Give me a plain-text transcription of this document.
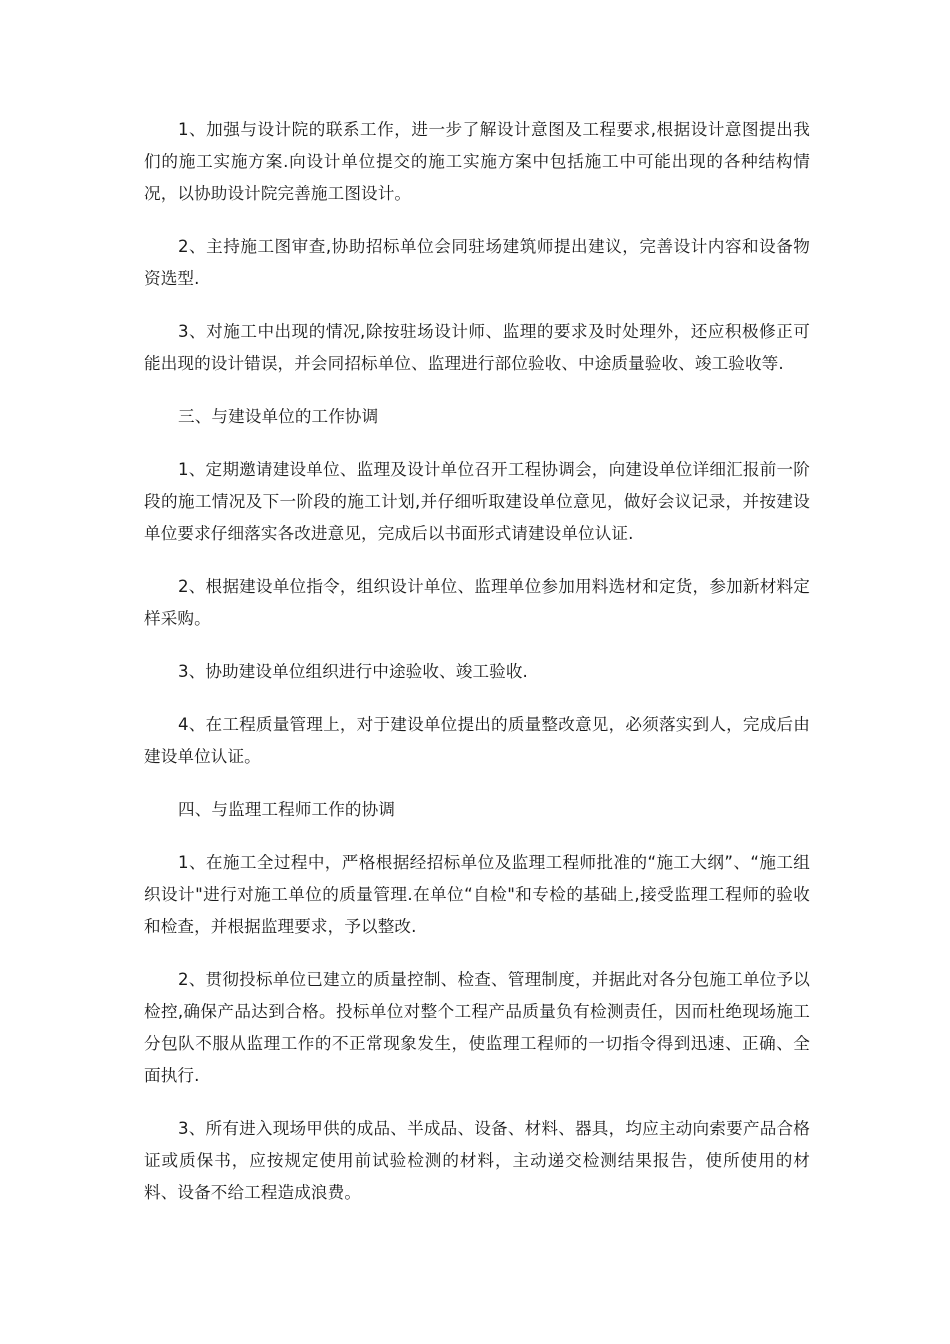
1、加强与设计院的联系工作，进一步了解设计意图及工程要求,根据设计意图提出我们的施工实施方案.向设计单位提交的施工实施方案中包括施工中可能出现的各种结构情况，以协助设计院完善施工图设计。

2、主持施工图审查,协助招标单位会同驻场建筑师提出建议，完善设计内容和设备物资选型.

3、对施工中出现的情况,除按驻场设计师、监理的要求及时处理外，还应积极修正可能出现的设计错误，并会同招标单位、监理进行部位验收、中途质量验收、竣工验收等.

三、与建设单位的工作协调

1、定期邀请建设单位、监理及设计单位召开工程协调会，向建设单位详细汇报前一阶段的施工情况及下一阶段的施工计划,并仔细听取建设单位意见，做好会议记录，并按建设单位要求仔细落实各改进意见，完成后以书面形式请建设单位认证.

2、根据建设单位指令，组织设计单位、监理单位参加用料选材和定货，参加新材料定样采购。

3、协助建设单位组织进行中途验收、竣工验收.

4、在工程质量管理上，对于建设单位提出的质量整改意见，必须落实到人，完成后由建设单位认证。

四、与监理工程师工作的协调

1、在施工全过程中，严格根据经招标单位及监理工程师批准的“施工大纲”、“施工组织设计"进行对施工单位的质量管理.在单位“自检"和专检的基础上,接受监理工程师的验收和检查，并根据监理要求，予以整改.

2、贯彻投标单位已建立的质量控制、检查、管理制度，并据此对各分包施工单位予以检控,确保产品达到合格。投标单位对整个工程产品质量负有检测责任，因而杜绝现场施工分包队不服从监理工作的不正常现象发生，使监理工程师的一切指令得到迅速、正确、全面执行.

3、所有进入现场甲供的成品、半成品、设备、材料、器具，均应主动向索要产品合格证或质保书，应按规定使用前试验检测的材料，主动递交检测结果报告，使所使用的材料、设备不给工程造成浪费。
